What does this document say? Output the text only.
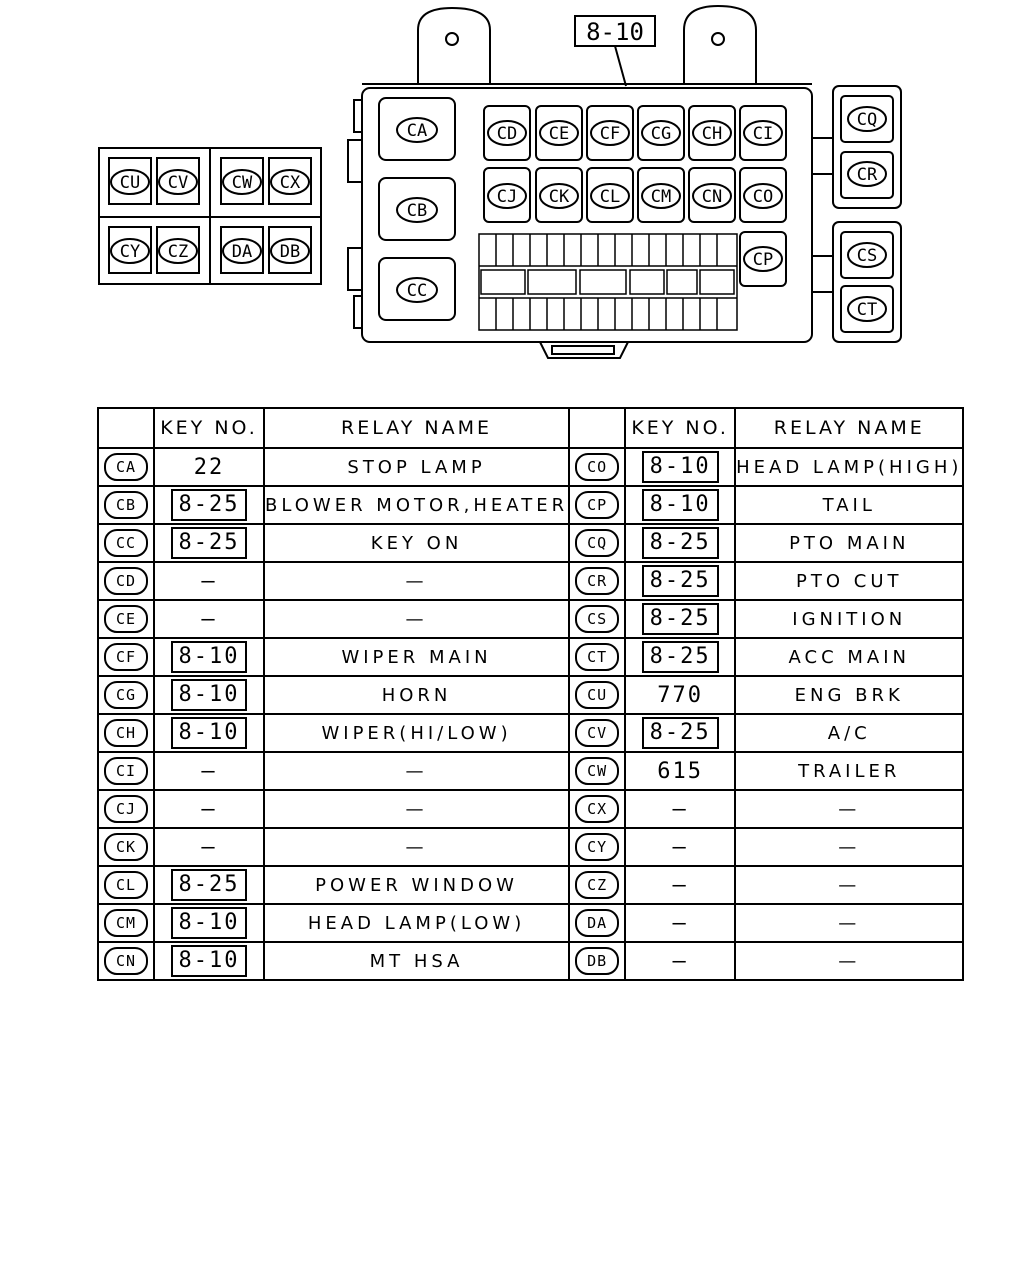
8-10
CA
CB
CC
CD CE CF CG CH CI
CJ CK CL CM CN CO
CP
CQ
CR
CS
CT
CU CV	CW CX
CY CZ	DA DB
	KEY NO.	RELAY NAME		KEY NO.	RELAY NAME
CA	22	STOP LAMP	CO	8-10	HEAD LAMP(HIGH)
CB	8-25	BLOWER MOTOR,HEATER	CP	8-10	TAIL
CC	8-25	KEY ON	CQ	8-25	PTO MAIN
CD	—	—	CR	8-25	PTO CUT
CE	—	—	CS	8-25	IGNITION
CF	8-10	WIPER MAIN	CT	8-25	ACC MAIN
CG	8-10	HORN	CU	770	ENG BRK
CH	8-10	WIPER(HI/LOW)	CV	8-25	A/C
CI	—	—	CW	615	TRAILER
CJ	—	—	CX	—	—
CK	—	—	CY	—	—
CL	8-25	POWER WINDOW	CZ	—	—
CM	8-10	HEAD LAMP(LOW)	DA	—	—
CN	8-10	MT HSA	DB	—	—
